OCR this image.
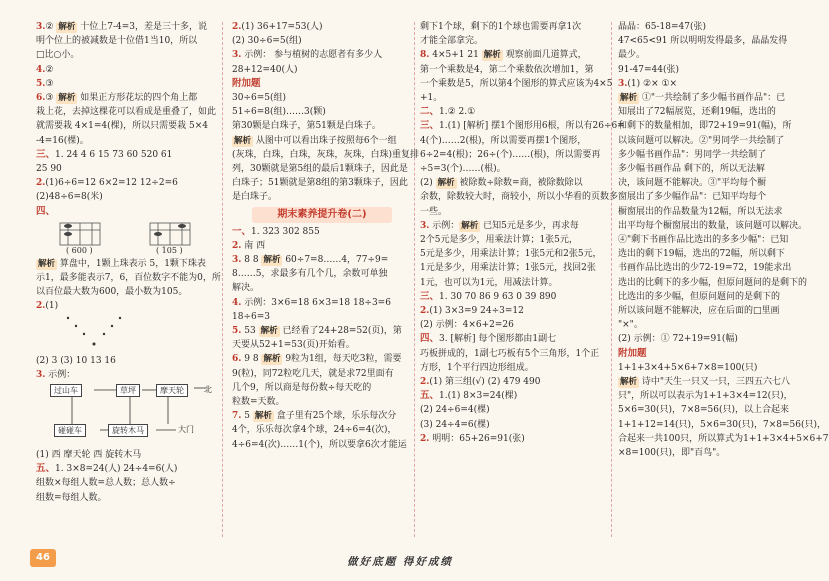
3.② 解析 十位上7-4=3，差是三十多，说
明个位上的被减数是十位借1当10，所以
□比○小。
4.②
5.③
6.③ 解析 如果正方形花坛的四个角上都
栽上花，去掉这棵花可以看成是重叠了，如此
就需要栽 4×1=4(棵)，所以只需要栽 5×4
-4=16(棵)。
三、1. 24 4 6 15 73 60 520 61
25 90
2.(1)6÷6=12 6×2=12 12÷2=6
(2)48÷6=8(米)
四、
( 600 )	( 105 )
解析 算盘中，1颗上珠表示 5，1颗下珠表
示1，最多能表示7，6，百位数字不能为0，所
以百位最大数为600，最小数为105。
2.(1)
(2) 3 (3) 10 13 16
3. 示例：
过山车	草坪	摩天轮	北
碰碰车	旋转木马	大门
(1) 西 摩天轮 西 旋转木马
五、1. 3×8=24(人) 24÷4=6(人)
组数×每组人数=总人数；总人数÷
组数=每组人数。
2.(1) 36+17=53(人)
(2) 30÷6=5(组)
3. 示例： 参与植树的志愿者有多少人
28+12=40(人)
附加题
30÷6=5(组)
51÷6=8(组)……3(颗)
第30颗是白珠子，第51颗是白珠子。
解析 从图中可以看出珠子按照每6个一组
(灰珠，白珠，白珠，灰珠，灰珠，白珠)重复排
列，30颗就是第5组的最后1颗珠子，因此是
白珠子；51颗就是第8组的第3颗珠子，因此
是白珠子。
期末素养提升卷(二)
一、1. 323 302 855
2. 南 西
3. 8 8 解析 60÷7=8……4，77÷9=
8……5，求最多有几个几，余数可单独
解决。
4. 示例：3×6=18 6×3=18 18÷3=6
18÷6=3
5. 53 解析 已经看了24+28=52(页)，第
天要从52+1=53(页)开始看。
6. 9 8 解析 9粒为1组，每天吃3粒，需要
9(粒)，同72粒吃几天，就是求72里面有
几个9，所以商是每份数÷每天吃的
粒数=天数。
7. 5 解析 盒子里有25个球，乐乐每次分
4个，乐乐每次拿4个球，24÷6=4(次)，
4÷6=4(次)……1(个)，所以要拿6次才能运
剩下1个球，剩下的1个球也需要再拿1次
才能全部拿完。
8. 4×5+1 21 解析 观察前面几道算式，
第一个乘数是4，第二个乘数依次增加1，第
一个乘数是5，所以第4个图形的算式应该为4×5
+1。
二、1.② 2.①
三、1.(1) [解析] 摆1个图形用6根，所以有26÷6=
4(个)……2(根)，所以需要再摆1个图形，
6÷2=4(根)；26÷(个)……(根)，所以需要再
÷5=3(个)……(根)。
(2) 解析 被除数÷除数=商，被除数除以
余数，除数较大时，商较小，所以小华看的页数多
一些。
3. 示例： 解析 已知5元是多少，再求每
2个5元是多少，用乘法计算；1张5元，
5元是多少，用乘法计算；1张5元和2张5元，
1元是多少，用乘法计算；1张5元，找回2张
1元，也可以为1元，用减法计算。
三、1. 30 70 86 9 63 0 39 890
2.(1) 3×3=9 24÷3=12
(2) 示例：4×6+2=26
四、3. [解析] 每个图形都由1副七
巧板拼成的，1副七巧板有5个三角形，1个正
方形，1个平行四边形组成。
2.(1) 第三组(√) (2) 479 490
五、1.(1) 8×3=24(棵)
(2) 24÷6=4(棵)
(3) 24÷4=6(棵)
2. 明明：65+26=91(张)
晶晶：65-18=47(张)
47<65<91 所以明明发得最多，晶晶发得
最少。
91-47=44(张)
3.(1) ②× ①×
解析 ①"一共绘制了多少幅书画作品"：已
知展出了72幅展览，还剩19幅，选出的
和剩下的数量相加，即72+19=91(幅)，所
以该问题可以解决。②"男同学一共绘制了
多少幅书画作品"：男同学一共绘制了
多少幅书画作品 剩下的，所以无法解
决，该问题不能解决。③"平均每个橱
窗展出了多少幅作品"：已知平均每个
橱窗展出的作品数量为12幅，所以无法求
出平均每个橱窗展出的数量，该问题可以解决。
④"剩下书画作品比选出的多多少幅"：已知
选出的剩下19幅，选出的72幅，所以剩下
书画作品比选出的少72-19=72，19能求出
选出的比剩下的多少幅，但原问题问的是剩下的
比选出的多少幅，但原问题问的是剩下的
所以该问题不能解决，应在后面的□里画
"×"。
(2) 示例：① 72+19=91(幅)
附加题
1+1+3×4+5×6+7×8=100(只)
解析 诗中"天生一只又一只，三四五六七八
只"，所以可以表示为1+1+3×4=12(只)，
5×6=30(只)，7×8=56(只)，以上合起来
1+1+12=14(只)，5×6=30(只)，7×8=56(只)，
合起来一共100只，所以算式为1+1+3×4+5×6+7
×8=100(只)，即"百鸟"。
46	做好底题 得好成绩
